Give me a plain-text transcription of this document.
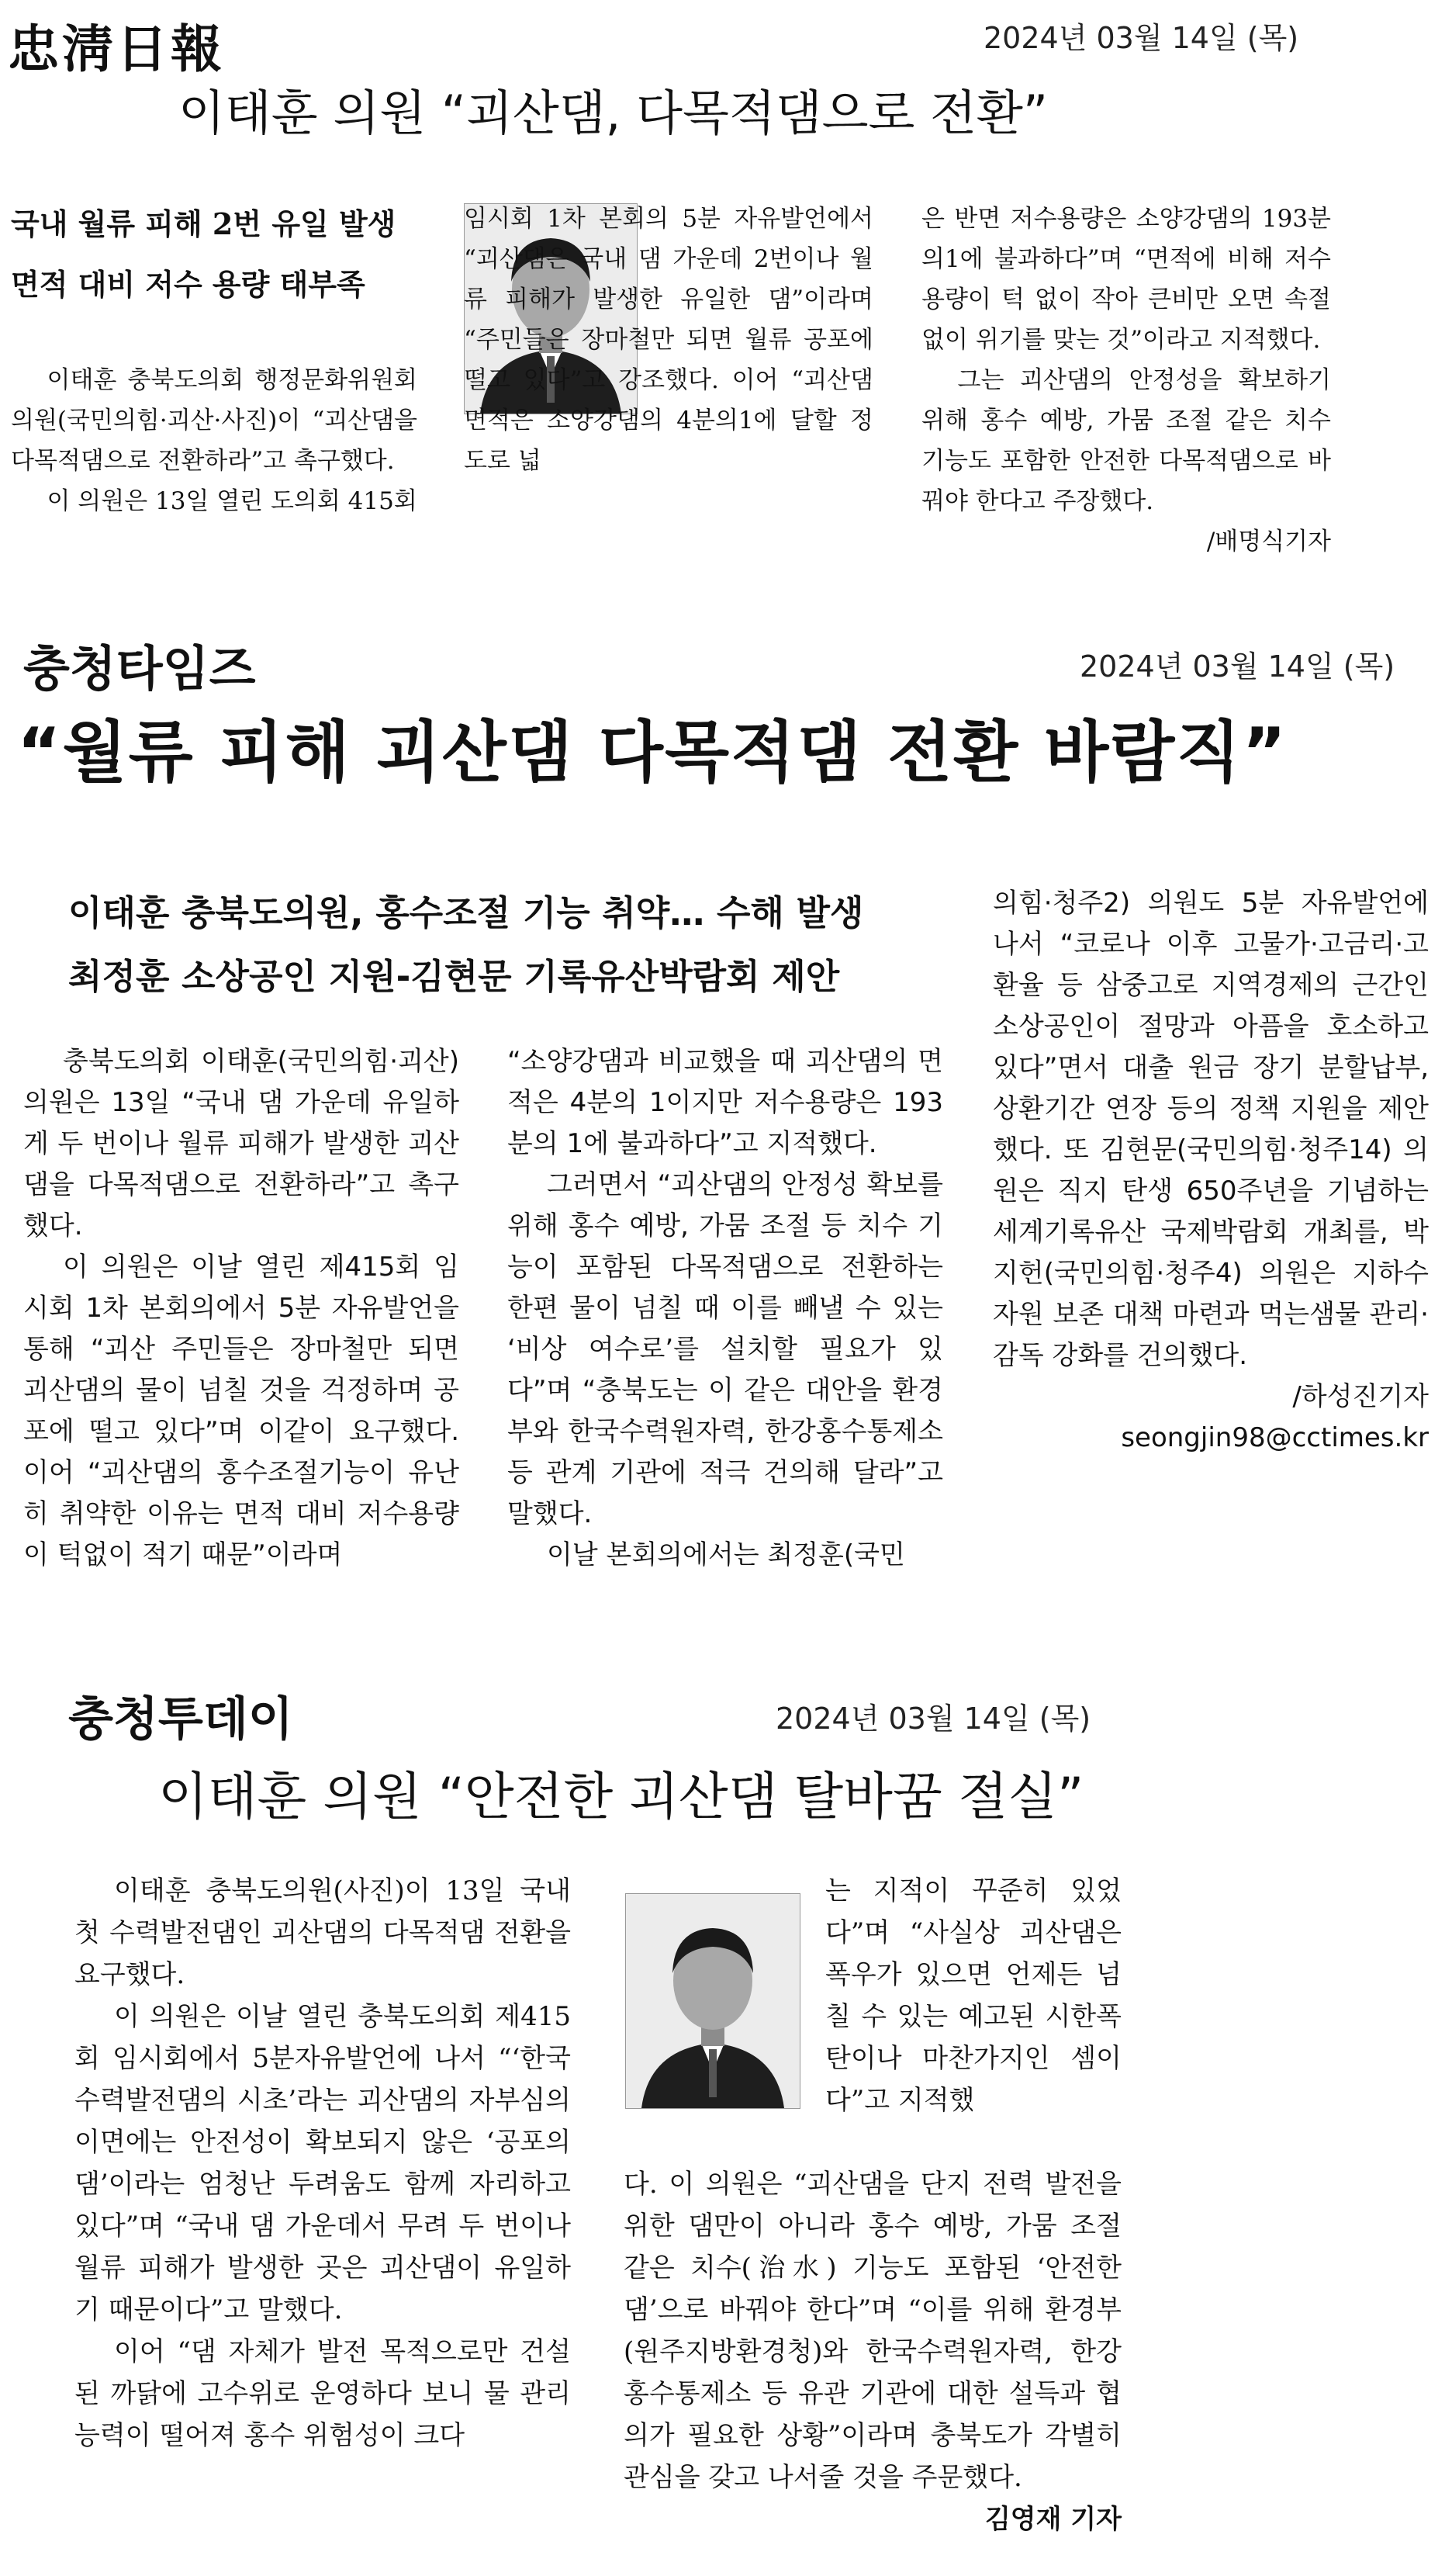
忠淸日報	2024년 03월 14일 (목)
이태훈 의원 “괴산댐, 다목적댐으로 전환”
국내 월류 피해 2번 유일 발생
면적 대비 저수 용량 태부족

이태훈 충북도의회 행정문화위원회 의원(국민의힘·괴산·사진)이 “괴산댐을 다목적댐으로 전환하라”고 촉구했다.

이 의원은 13일 열린 도의회 415회

임시회 1차 본회의 5분 자유발언에서 “괴산댐은 국내 댐 가운데 2번이나 월류 피해가 발생한 유일한 댐”이라며 “주민들은 장마철만 되면 월류 공포에 떨고 있다”고 강조했다. 이어 “괴산댐 면적은 소양강댐의 4분의1에 달할 정도로 넓

은 반면 저수용량은 소양강댐의 193분의1에 불과하다”며 “면적에 비해 저수 용량이 턱 없이 작아 큰비만 오면 속절 없이 위기를 맞는 것”이라고 지적했다.

그는 괴산댐의 안정성을 확보하기 위해 홍수 예방, 가뭄 조절 같은 치수 기능도 포함한 안전한 다목적댐으로 바꿔야 한다고 주장했다.

/배명식기자

충청타임즈	2024년 03월 14일 (목)
“월류 피해 괴산댐 다목적댐 전환 바람직”
이태훈 충북도의원, 홍수조절 기능 취약… 수해 발생
최정훈 소상공인 지원-김현문 기록유산박람회 제안

충북도의회 이태훈(국민의힘·괴산) 의원은 13일 “국내 댐 가운데 유일하게 두 번이나 월류 피해가 발생한 괴산댐을 다목적댐으로 전환하라”고 촉구했다.

이 의원은 이날 열린 제415회 임시회 1차 본회의에서 5분 자유발언을 통해 “괴산 주민들은 장마철만 되면 괴산댐의 물이 넘칠 것을 걱정하며 공포에 떨고 있다”며 이같이 요구했다. 이어 “괴산댐의 홍수조절기능이 유난히 취약한 이유는 면적 대비 저수용량이 턱없이 적기 때문”이라며

“소양강댐과 비교했을 때 괴산댐의 면적은 4분의 1이지만 저수용량은 193분의 1에 불과하다”고 지적했다.

그러면서 “괴산댐의 안정성 확보를 위해 홍수 예방, 가뭄 조절 등 치수 기능이 포함된 다목적댐으로 전환하는 한편 물이 넘칠 때 이를 빼낼 수 있는 ‘비상 여수로’를 설치할 필요가 있다”며 “충북도는 이 같은 대안을 환경부와 한국수력원자력, 한강홍수통제소 등 관계 기관에 적극 건의해 달라”고 말했다.

이날 본회의에서는 최정훈(국민

의힘·청주2) 의원도 5분 자유발언에 나서 “코로나 이후 고물가·고금리·고환율 등 삼중고로 지역경제의 근간인 소상공인이 절망과 아픔을 호소하고 있다”면서 대출 원금 장기 분할납부, 상환기간 연장 등의 정책 지원을 제안했다. 또 김현문(국민의힘·청주14) 의원은 직지 탄생 650주년을 기념하는 세계기록유산 국제박람회 개최를, 박지헌(국민의힘·청주4) 의원은 지하수 자원 보존 대책 마련과 먹는샘물 관리·감독 강화를 건의했다.

/하성진기자

seongjin98@cctimes.kr

충청투데이	2024년 03월 14일 (목)
이태훈 의원 “안전한 괴산댐 탈바꿈 절실”

이태훈 충북도의원(사진)이 13일 국내 첫 수력발전댐인 괴산댐의 다목적댐 전환을 요구했다.

이 의원은 이날 열린 충북도의회 제415회 임시회에서 5분자유발언에 나서 “‘한국수력발전댐의 시초’라는 괴산댐의 자부심의 이면에는 안전성이 확보되지 않은 ‘공포의 댐’이라는 엄청난 두려움도 함께 자리하고 있다”며 “국내 댐 가운데서 무려 두 번이나 월류 피해가 발생한 곳은 괴산댐이 유일하기 때문이다”고 말했다.

이어 “댐 자체가 발전 목적으로만 건설된 까닭에 고수위로 운영하다 보니 물 관리 능력이 떨어져 홍수 위험성이 크다

는 지적이 꾸준히 있었다”며 “사실상 괴산댐은 폭우가 있으면 언제든 넘칠 수 있는 예고된 시한폭탄이나 마찬가지인 셈이다”고 지적했

다. 이 의원은 “괴산댐을 단지 전력 발전을 위한 댐만이 아니라 홍수 예방, 가뭄 조절 같은 치수(治水) 기능도 포함된 ‘안전한 댐’으로 바꿔야 한다”며 “이를 위해 환경부(원주지방환경청)와 한국수력원자력, 한강홍수통제소 등 유관 기관에 대한 설득과 협의가 필요한 상황”이라며 충북도가 각별히 관심을 갖고 나서줄 것을 주문했다.

김영재 기자
